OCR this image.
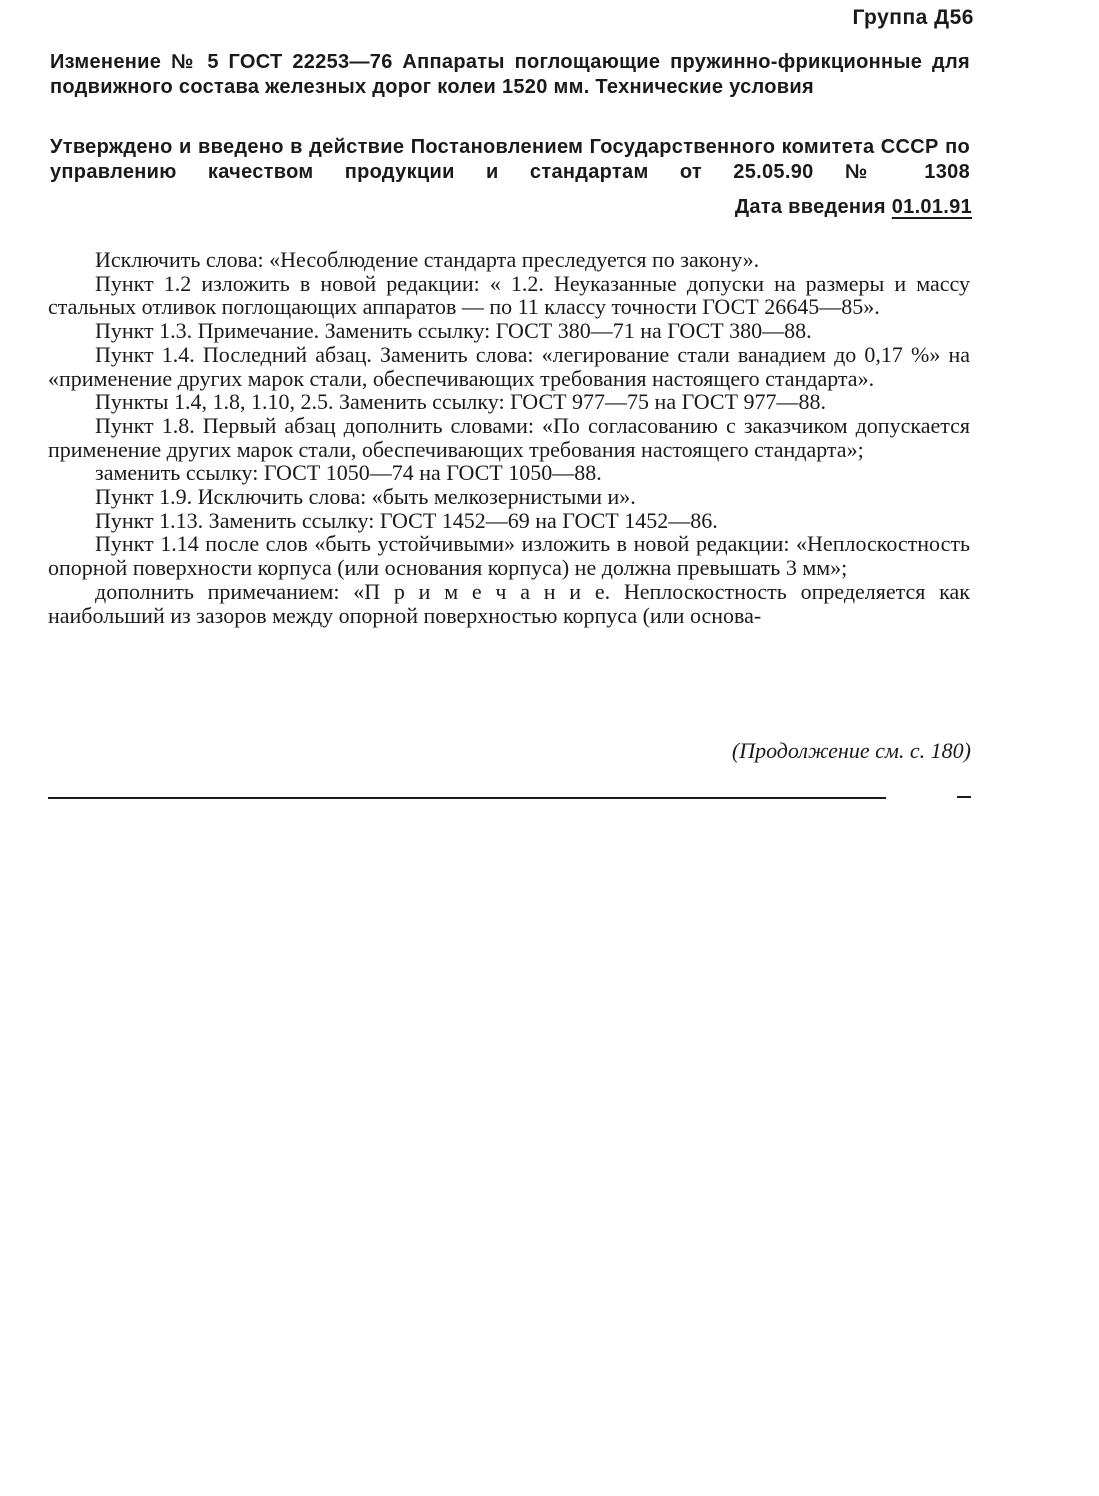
Группа Д56
Изменение № 5 ГОСТ 22253—76 Аппараты поглощающие пружинно-фрикционные для подвижного состава железных дорог колеи 1520 мм. Технические условия
Утверждено и введено в действие Постановлением Государственного комитета СССР по управлению качеством продукции и стандартам от 25.05.90 № 1308
Дата введения 01.01.91

Исключить слова: «Несоблюдение стандарта преследуется по закону».

Пункт 1.2 изложить в новой редакции: « 1.2. Неуказанные допуски на размеры и массу стальных отливок поглощающих аппаратов — по 11 классу точности ГОСТ 26645—85».

Пункт 1.3. Примечание. Заменить ссылку: ГОСТ 380—71 на ГОСТ 380—88.

Пункт 1.4. Последний абзац. Заменить слова: «легирование стали ванадием до 0,17 %» на «применение других марок стали, обеспечивающих требования настоящего стандарта».

Пункты 1.4, 1.8, 1.10, 2.5. Заменить ссылку: ГОСТ 977—75 на ГОСТ 977—88.

Пункт 1.8. Первый абзац дополнить словами: «По согласованию с заказчиком допускается применение других марок стали, обеспечивающих требования настоящего стандарта»;

заменить ссылку: ГОСТ 1050—74 на ГОСТ 1050—88.

Пункт 1.9. Исключить слова: «быть мелкозернистыми и».

Пункт 1.13. Заменить ссылку: ГОСТ 1452—69 на ГОСТ 1452—86.

Пункт 1.14 после слов «быть устойчивыми» изложить в новой редакции: «Неплоскостность опорной поверхности корпуса (или основания корпуса) не должна превышать 3 мм»;

дополнить примечанием: «П р и м е ч а н и е. Неплоскостность определяется как наибольший из зазоров между опорной поверхностью корпуса (или основа-

(Продолжение см. с. 180)
